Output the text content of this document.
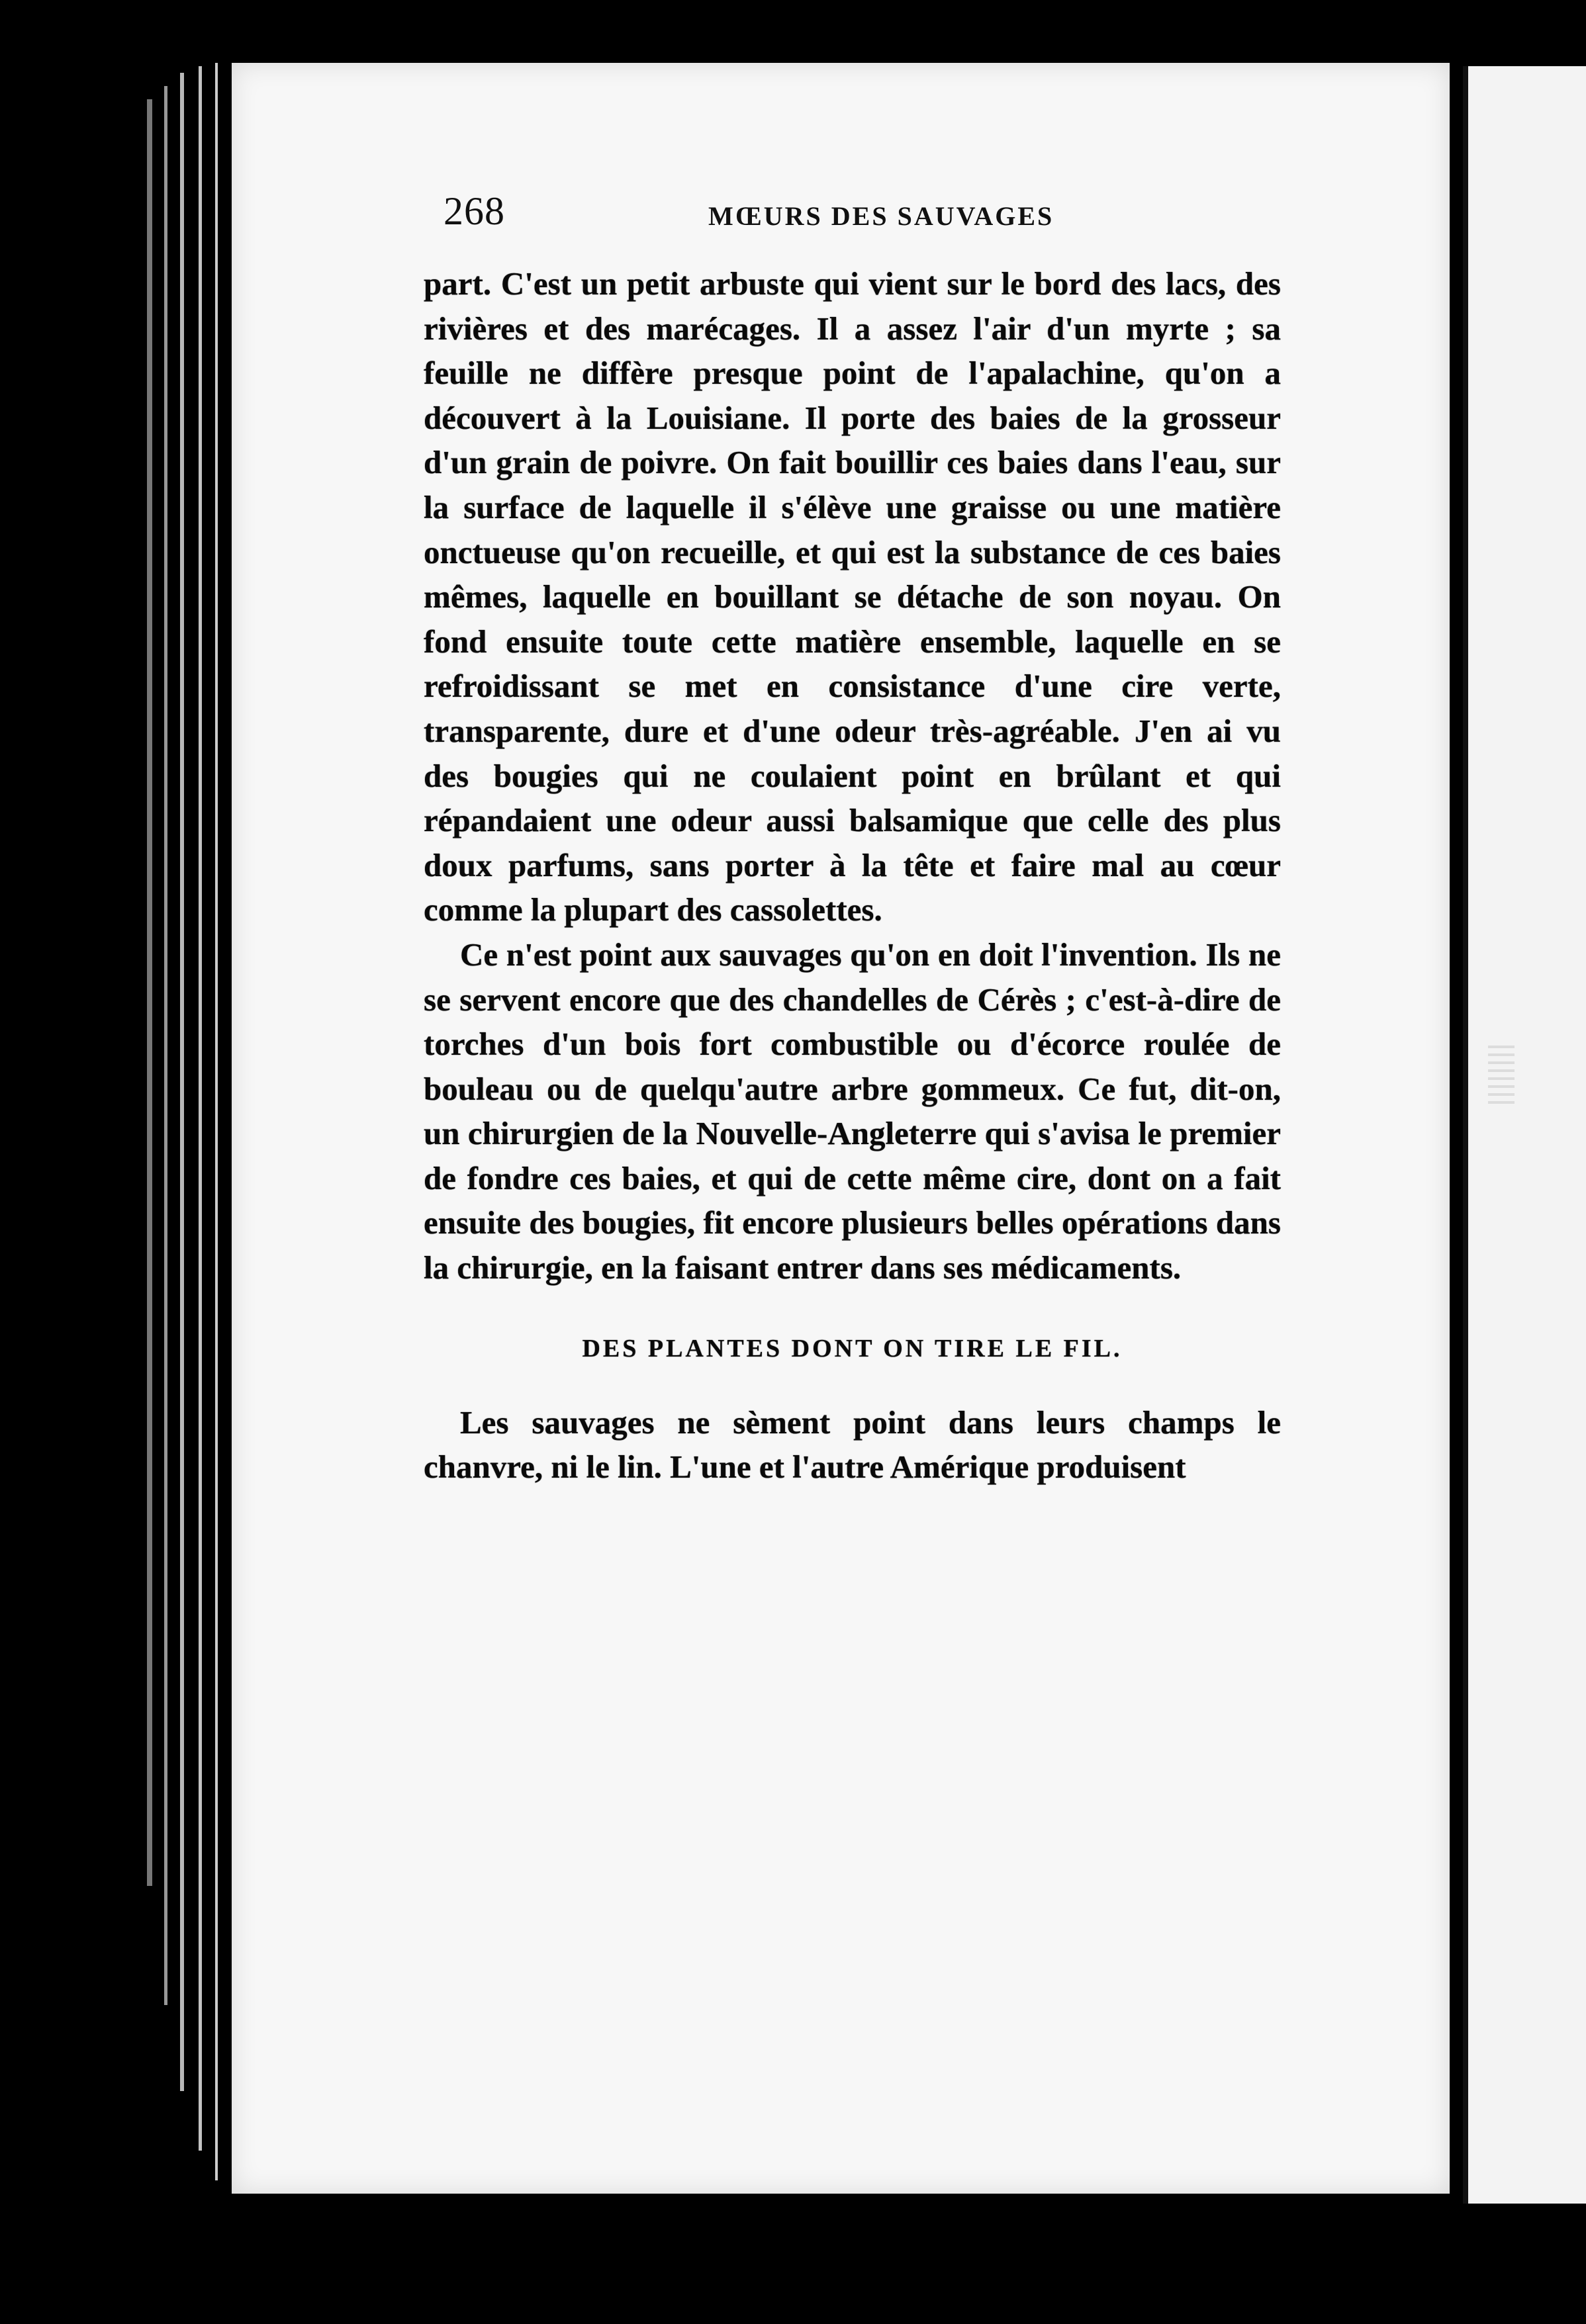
268	MŒURS DES SAUVAGES

part. C'est un petit arbuste qui vient sur le bord des lacs, des rivières et des marécages. Il a assez l'air d'un myrte ; sa feuille ne diffère presque point de l'apalachine, qu'on a découvert à la Louisiane. Il porte des baies de la grosseur d'un grain de poivre. On fait bouillir ces baies dans l'eau, sur la surface de laquelle il s'élève une graisse ou une matière onctueuse qu'on recueille, et qui est la substance de ces baies mêmes, laquelle en bouillant se détache de son noyau. On fond ensuite toute cette matière ensemble, laquelle en se refroidissant se met en consistance d'une cire verte, transparente, dure et d'une odeur très-agréable. J'en ai vu des bougies qui ne coulaient point en brûlant et qui répandaient une odeur aussi balsamique que celle des plus doux parfums, sans porter à la tête et faire mal au cœur comme la plupart des cassolettes.

Ce n'est point aux sauvages qu'on en doit l'invention. Ils ne se servent encore que des chandelles de Cérès ; c'est-à-dire de torches d'un bois fort combustible ou d'écorce roulée de bouleau ou de quelqu'autre arbre gommeux. Ce fut, dit-on, un chirurgien de la Nouvelle-Angleterre qui s'avisa le premier de fondre ces baies, et qui de cette même cire, dont on a fait ensuite des bougies, fit encore plusieurs belles opérations dans la chirurgie, en la faisant entrer dans ses médicaments.

DES PLANTES DONT ON TIRE LE FIL.

Les sauvages ne sèment point dans leurs champs le chanvre, ni le lin. L'une et l'autre Amérique produisent
